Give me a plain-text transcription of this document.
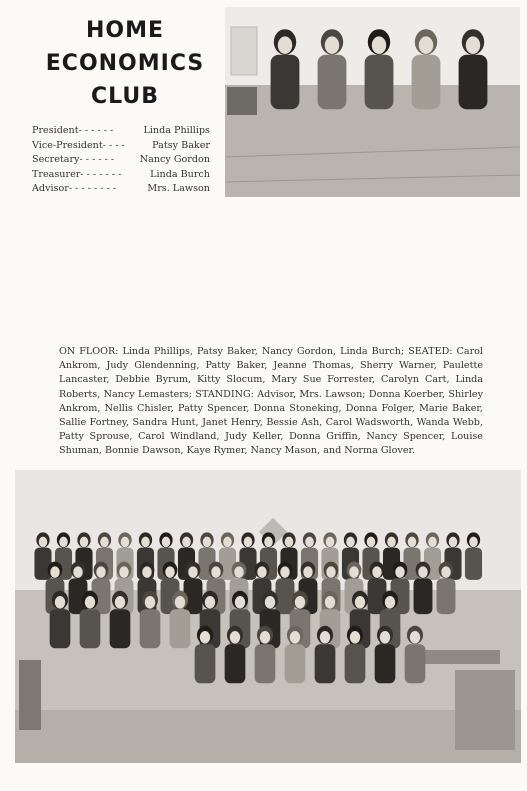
HOME
ECONOMICS
CLUB
President - - - - - -	Linda Phillips
Vice-President - - - -	Patsy Baker
Secretary - - - - - -	Nancy Gordon
Treasurer - - - - - - -	Linda Burch
Advisor - - - - - - - -	Mrs. Lawson
ON FLOOR: Linda Phillips, Patsy Baker, Nancy Gordon, Linda Burch; SEATED: Carol Ankrom, Judy Glendenning, Patty Baker, Jeanne Thomas, Sherry Warner, Paulette Lancaster, Debbie Byrum, Kitty Slocum, Mary Sue Forrester, Carolyn Cart, Linda Roberts, Nancy Lemasters; STANDING: Advisor, Mrs. Lawson; Donna Koerber, Shirley Ankrom, Nellis Chisler, Patty Spencer, Donna Stoneking, Donna Folger, Marie Baker, Sallie Fortney, Sandra Hunt, Janet Henry, Bessie Ash, Carol Wadsworth, Wanda Webb, Patty Sprouse, Carol Windland, Judy Keller, Donna Griffin, Nancy Spencer, Louise Shuman, Bonnie Dawson, Kaye Rymer, Nancy Mason, and Norma Glover.
